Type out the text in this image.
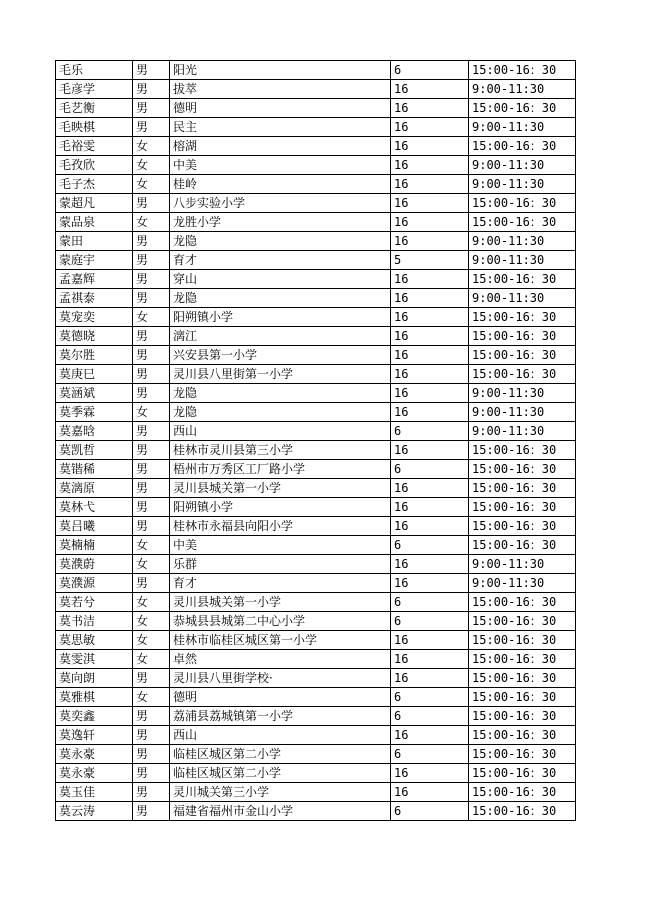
毛乐	男	阳光	6	15:00-16：30
毛彦学	男	拔萃	16	9:00-11:30
毛艺衡	男	德明	16	15:00-16：30
毛映棋	男	民主	16	9:00-11:30
毛裕雯	女	榕湖	16	15:00-16：30
毛孜欣	女	中美	16	9:00-11:30
毛子杰	女	桂岭	16	9:00-11:30
蒙超凡	男	八步实验小学	16	15:00-16：30
蒙品泉	女	龙胜小学	16	15:00-16：30
蒙田	男	龙隐	16	9:00-11:30
蒙庭宇	男	育才	5	9:00-11:30
孟嘉辉	男	穿山	16	15:00-16：30
孟祺泰	男	龙隐	16	9:00-11:30
莫宠奕	女	阳朔镇小学	16	15:00-16：30
莫德晓	男	漓江	16	15:00-16：30
莫尔胜	男	兴安县第一小学	16	15:00-16：30
莫庚巳	男	灵川县八里街第一小学	16	15:00-16：30
莫涵斌	男	龙隐	16	9:00-11:30
莫季霖	女	龙隐	16	9:00-11:30
莫嘉晗	男	西山	6	9:00-11:30
莫凯哲	男	桂林市灵川县第三小学	16	15:00-16：30
莫锴稀	男	梧州市万秀区工厂路小学	6	15:00-16：30
莫漓原	男	灵川县城关第一小学	16	15:00-16：30
莫林弋	男	阳朔镇小学	16	15:00-16：30
莫吕曦	男	桂林市永福县向阳小学	16	15:00-16：30
莫楠楠	女	中美	6	15:00-16：30
莫濮蔚	女	乐群	16	9:00-11:30
莫濮源	男	育才	16	9:00-11:30
莫若兮	女	灵川县城关第一小学	6	15:00-16：30
莫书洁	女	恭城县县城第二中心小学	6	15:00-16：30
莫思敏	女	桂林市临桂区城区第一小学	16	15:00-16：30
莫雯淇	女	卓然	16	15:00-16：30
莫向朗	男	灵川县八里街学校·	16	15:00-16：30
莫雅棋	女	德明	6	15:00-16：30
莫奕鑫	男	荔浦县荔城镇第一小学	6	15:00-16：30
莫逸轩	男	西山	16	15:00-16：30
莫永豪	男	临桂区城区第二小学	6	15:00-16：30
莫永豪	男	临桂区城区第二小学	16	15:00-16：30
莫玉佳	男	灵川城关第三小学	16	15:00-16：30
莫云涛	男	福建省福州市金山小学	6	15:00-16：30
